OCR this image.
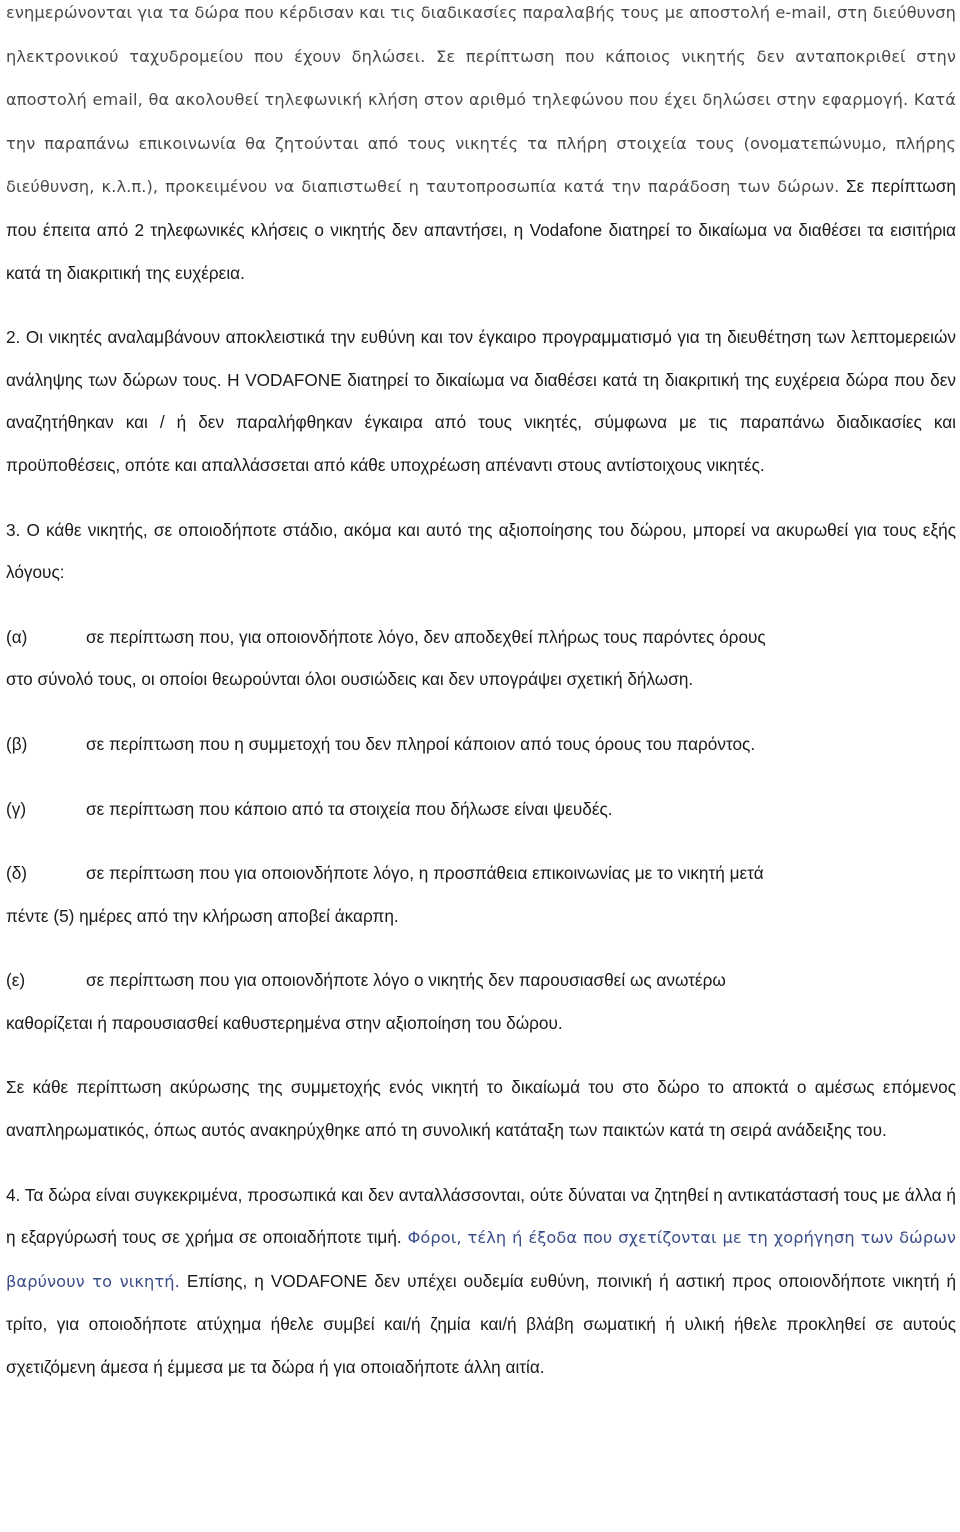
ενημερώνονται για τα δώρα που κέρδισαν και τις διαδικασίες παραλαβής τους με αποστολή e-mail, στη διεύθυνση ηλεκτρονικού ταχυδρομείου που έχουν δηλώσει. Σε περίπτωση που κάποιος νικητής δεν ανταποκριθεί στην αποστολή email, θα ακολουθεί τηλεφωνική κλήση στον αριθμό τηλεφώνου που έχει δηλώσει στην εφαρμογή. Κατά την παραπάνω επικοινωνία θα ζητούνται από τους νικητές τα πλήρη στοιχεία τους (ονοματεπώνυμο, πλήρης διεύθυνση, κ.λ.π.), προκειμένου να διαπιστωθεί η ταυτοπροσωπία κατά την παράδοση των δώρων. Σε περίπτωση που έπειτα από 2 τηλεφωνικές κλήσεις ο νικητής δεν απαντήσει, η Vodafone διατηρεί το δικαίωμα να διαθέσει τα εισιτήρια κατά τη διακριτική της ευχέρεια.

2. Οι νικητές αναλαμβάνουν αποκλειστικά την ευθύνη και τον έγκαιρο προγραμματισμό για τη διευθέτηση των λεπτομερειών ανάληψης των δώρων τους. Η VODAFONE διατηρεί το δικαίωμα να διαθέσει κατά τη διακριτική της ευχέρεια δώρα που δεν αναζητήθηκαν και / ή δεν παραλήφθηκαν έγκαιρα από τους νικητές, σύμφωνα με τις παραπάνω διαδικασίες και προϋποθέσεις, οπότε και απαλλάσσεται από κάθε υποχρέωση απέναντι στους αντίστοιχους νικητές.

3. Ο κάθε νικητής, σε οποιοδήποτε στάδιο, ακόμα και αυτό της αξιοποίησης του δώρου, μπορεί να ακυρωθεί για τους εξής λόγους:

(α)	σε περίπτωση που, για οποιονδήποτε λόγο, δεν αποδεχθεί πλήρως τους παρόντες όρους

στο σύνολό τους, οι οποίοι θεωρούνται όλοι ουσιώδεις και δεν υπογράψει σχετική δήλωση.

(β)	σε περίπτωση που η συμμετοχή του δεν πληροί κάποιον από τους όρους του παρόντος.
(γ)	σε περίπτωση που κάποιο από τα στοιχεία που δήλωσε είναι ψευδές.
(δ)	σε περίπτωση που για οποιονδήποτε λόγο, η προσπάθεια επικοινωνίας με το νικητή μετά

πέντε (5) ημέρες από την κλήρωση αποβεί άκαρπη.

(ε)	σε περίπτωση που για οποιονδήποτε λόγο ο νικητής δεν παρουσιασθεί ως ανωτέρω

καθορίζεται ή παρουσιασθεί καθυστερημένα στην αξιοποίηση του δώρου.

Σε κάθε περίπτωση ακύρωσης της συμμετοχής ενός νικητή το δικαίωμά του στο δώρο το αποκτά ο αμέσως επόμενος αναπληρωματικός, όπως αυτός ανακηρύχθηκε από τη συνολική κατάταξη των παικτών κατά τη σειρά ανάδειξης του.

4. Τα δώρα είναι συγκεκριμένα, προσωπικά και δεν ανταλλάσσονται, ούτε δύναται να ζητηθεί η αντικατάστασή τους με άλλα ή η εξαργύρωσή τους σε χρήμα σε οποιαδήποτε τιμή. Φόροι, τέλη ή έξοδα που σχετίζονται με τη χορήγηση των δώρων βαρύνουν το νικητή. Επίσης, η VODAFONE δεν υπέχει ουδεμία ευθύνη, ποινική ή αστική προς οποιονδήποτε νικητή ή τρίτο, για οποιοδήποτε ατύχημα ήθελε συμβεί και/ή ζημία και/ή βλάβη σωματική ή υλική ήθελε προκληθεί σε αυτούς σχετιζόμενη άμεσα ή έμμεσα με τα δώρα ή για οποιαδήποτε άλλη αιτία.
